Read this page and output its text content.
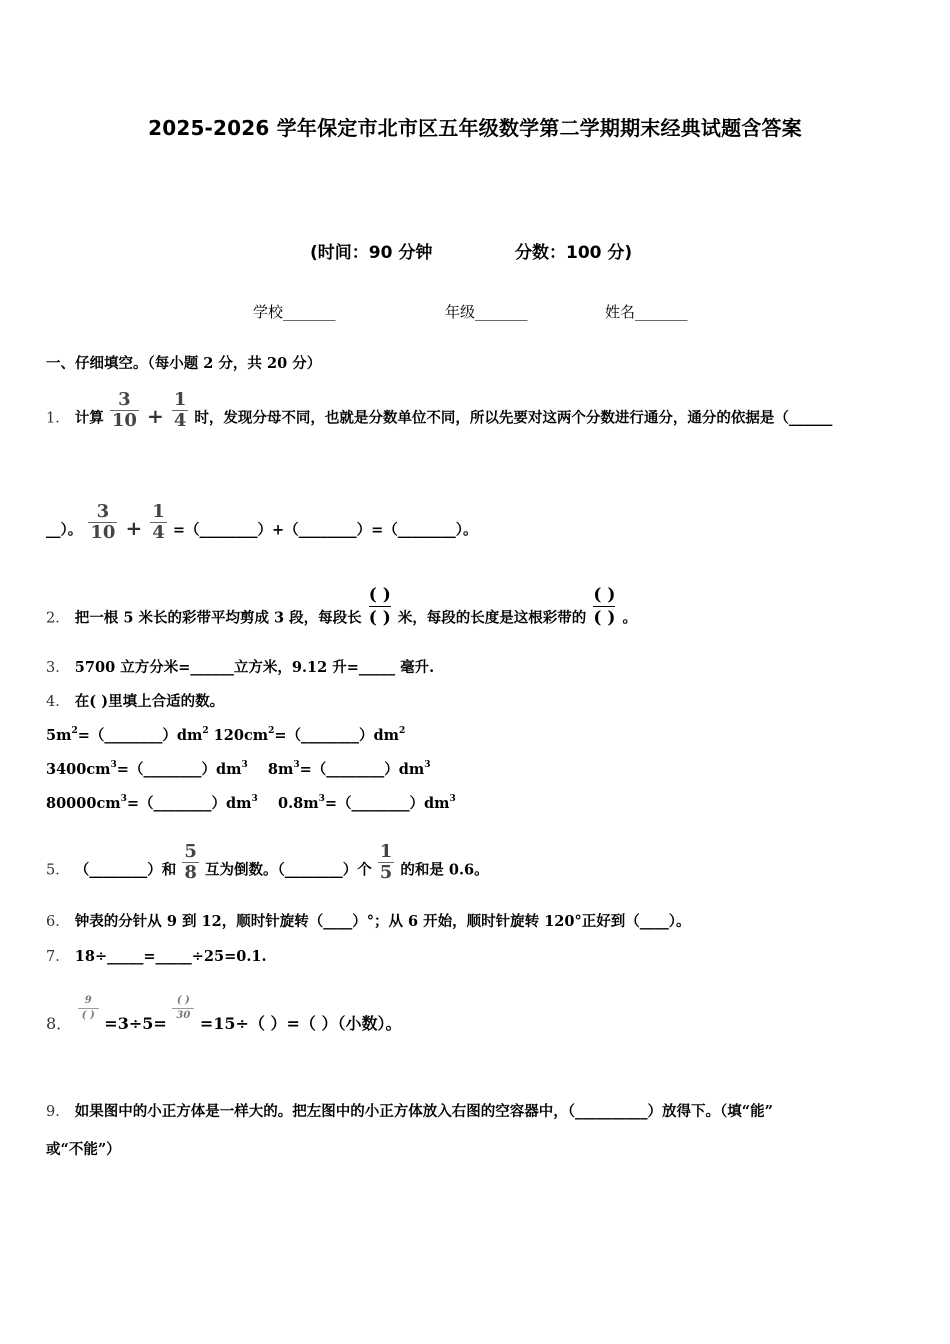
2025-2026 学年保定市北市区五年级数学第二学期期末经典试题含答案
(时间：90 分钟	分数：100 分)
学校_______	年级_______	姓名_______
一、仔细填空。（每小题 2 分，共 20 分）
1． 计算 $\frac{3}{10} + \frac{1}{4}$ 时，发现分母不同，也就是分数单位不同，所以先要对这两个分数进行通分，通分的依据是（______
__）。 $\frac{3}{10} + \frac{1}{4}$ =（________）+（________）=（________）。
2． 把一根 5 米长的彩带平均剪成 3 段，每段长
( )
( ) 米，每段的长度是这根彩带的
( )
( ) 。
3． 5700 立方分米=______立方米，9.12 升=_____ 毫升.
4． 在( )里填上合适的数。
$5m^2=(\_\_\_\_\_\_\_\_)dm^2$ $120cm^2=(\_\_\_\_\_\_\_\_)dm^2$
$3400cm^3=(\_\_\_\_\_\_\_\_)dm^3$ $8m^3=(\_\_\_\_\_\_\_\_)dm^3$
$80000cm^3=(\_\_\_\_\_\_\_\_)dm^3$ $0.8m^3=(\_\_\_\_\_\_\_\_)dm^3$
5． （________）和 $\frac{5}{8}$ 互为倒数。（________）个 $\frac{1}{5}$ 的和是 0.6。
6． 钟表的分针从 9 到 12，顺时针旋转（____）°；从 6 开始，顺时针旋转 120°正好到（____）。
7． 18÷_____=_____÷25=0.1.
8．
$\frac{9}{( )}$
=3÷5=
$\frac{( )}{30}$
=15÷（ ）=（ ）（小数）。
9． 如果图中的小正方体是一样大的。把左图中的小正方体放入右图的空容器中，（__________）放得下。（填“能”
或“不能”）
